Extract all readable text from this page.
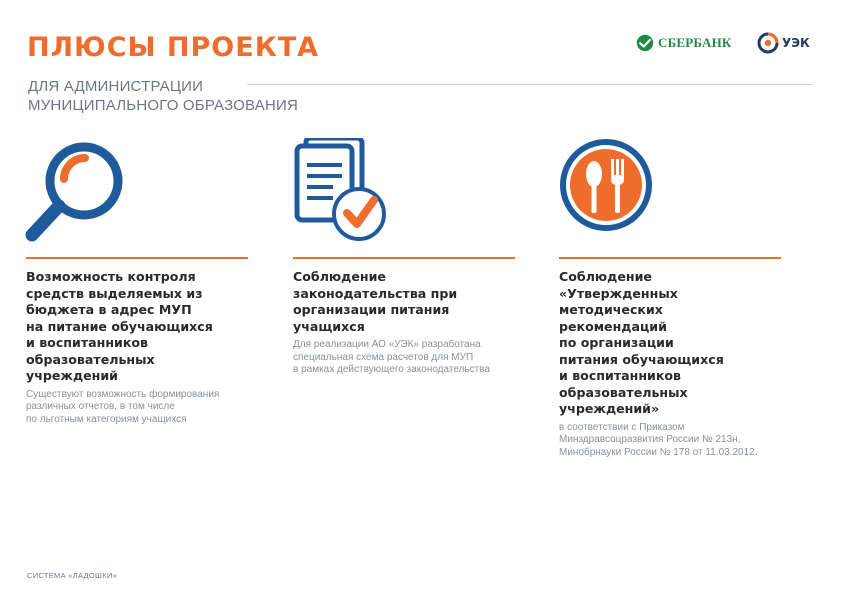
ПЛЮСЫ ПРОЕКТА
ДЛЯ АДМИНИСТРАЦИИ
МУНИЦИПАЛЬНОГО ОБРАЗОВАНИЯ
СБЕРБАНК	УЭК
Возможность контроля
средств выделяемых из
бюджета в адрес МУП
на питание обучающихся
и воспитанников
образовательных
учреждений
Существуют возможность формирования
различных отчетов, в том числе
по льготным категориям учащихся
Соблюдение
законодательства при
организации питания
учащихся
Для реализации АО «УЭК» разработана
специальная схема расчетов для МУП
в рамках действующего законодательства
Соблюдение
«Утвержденных
методических
рекомендаций
по организации
питания обучающихся
и воспитанников
образовательных
учреждений»
в соответствии с Приказом
Минздравсоцразвития России № 213н,
Минобрнауки России № 178 от 11.03.2012.
СИСТЕМА «ЛАДОШКИ»
